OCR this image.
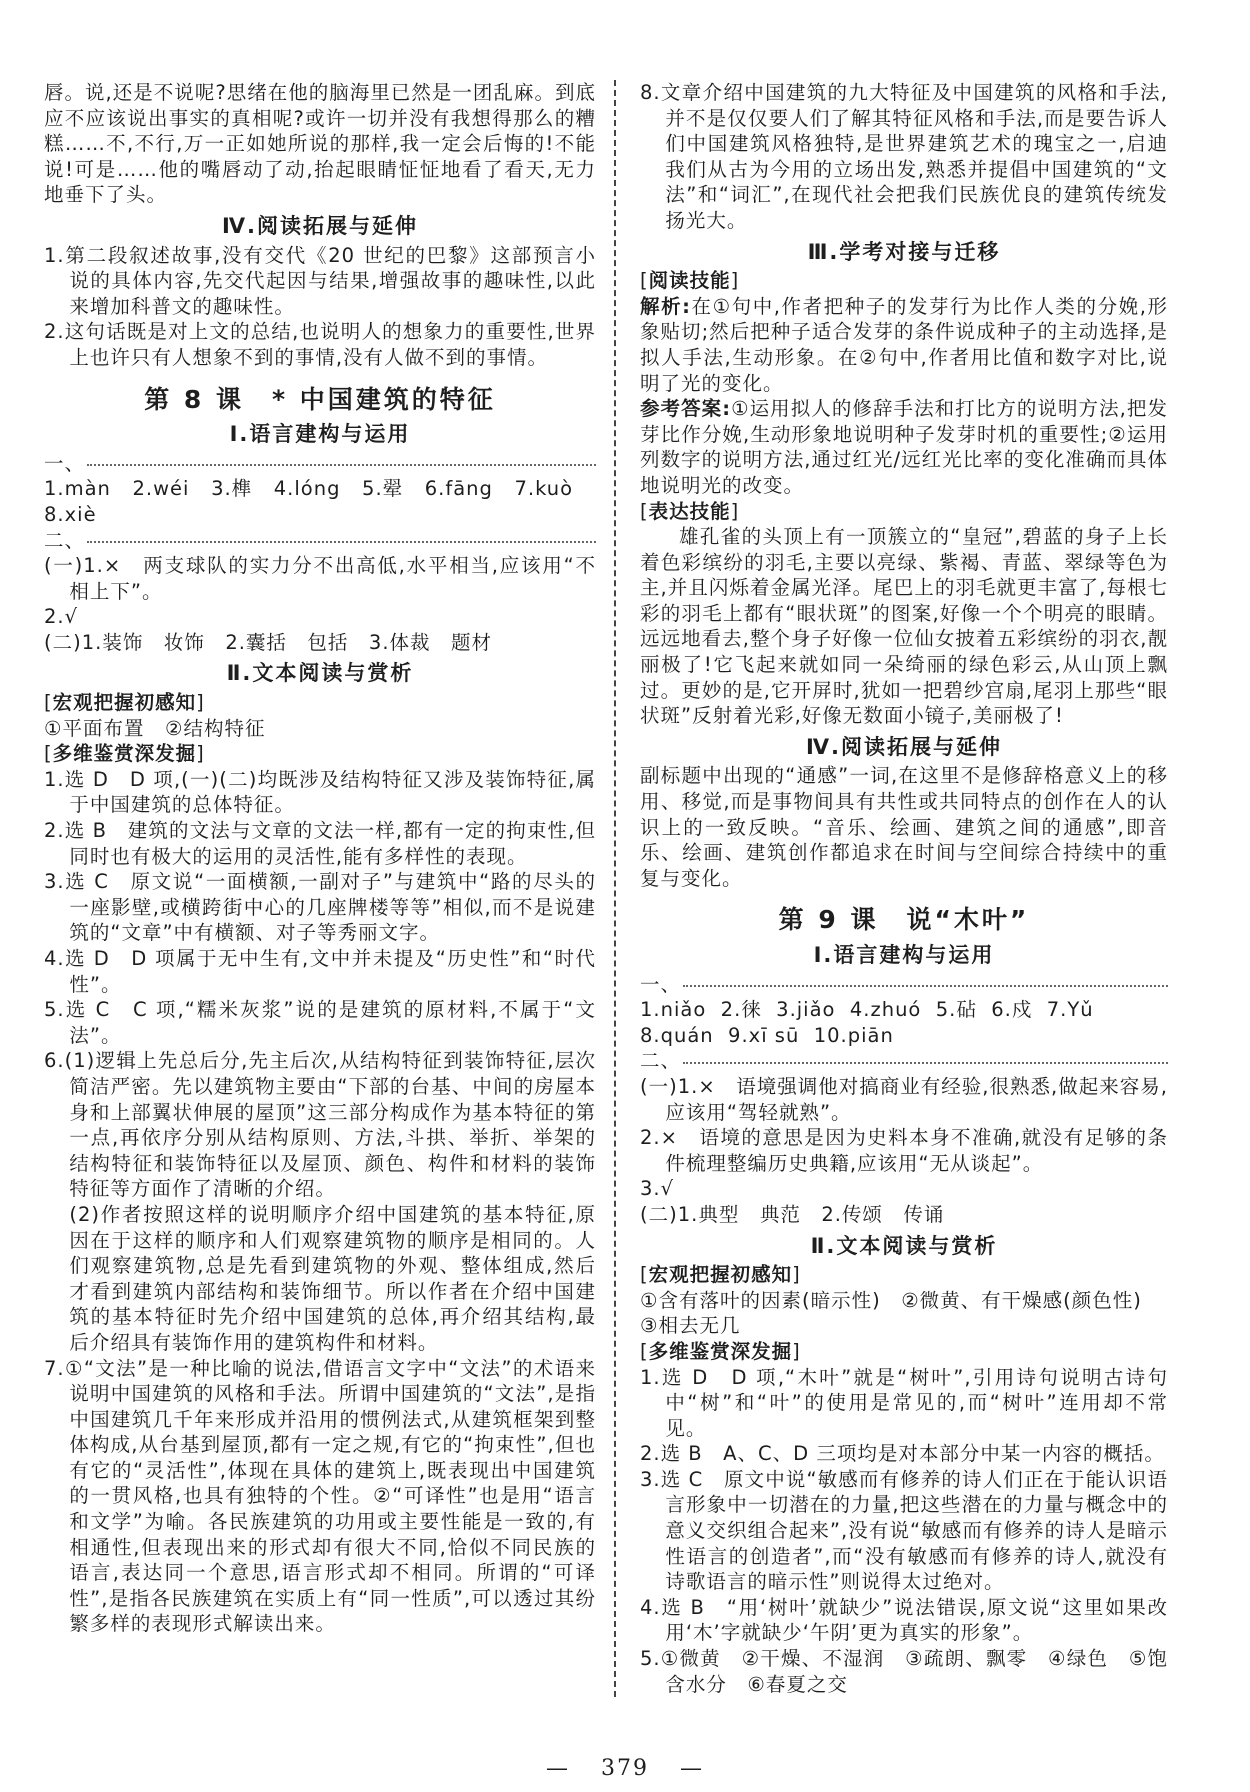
唇。说,还是不说呢?思绪在他的脑海里已然是一团乱麻。到底应不应该说出事实的真相呢?或许一切并没有我想得那么的糟糕……不,不行,万一正如她所说的那样,我一定会后悔的!不能说!可是……他的嘴唇动了动,抬起眼睛怔怔地看了看天,无力地垂下了头。
Ⅳ.阅读拓展与延伸
1.第二段叙述故事,没有交代《20 世纪的巴黎》这部预言小说的具体内容,先交代起因与结果,增强故事的趣味性,以此来增加科普文的趣味性。
2.这句话既是对上文的总结,也说明人的想象力的重要性,世界上也许只有人想象不到的事情,没有人做不到的事情。
第 8 课　* 中国建筑的特征
Ⅰ.语言建构与运用
一、
1.màn   2.wéi   3.榫   4.lóng   5.翚   6.fāng   7.kuò
8.xiè
二、
(一)1.×　两支球队的实力分不出高低,水平相当,应该用“不相上下”。
2.√
(二)1.装饰　妆饰　2.囊括　包括　3.体裁　题材
Ⅱ.文本阅读与赏析
[ 宏观把握初感知 ]
①平面布置　②结构特征
[ 多维鉴赏深发掘 ]
1.选 D　D 项,(一)(二)均既涉及结构特征又涉及装饰特征,属于中国建筑的总体特征。
2.选 B　建筑的文法与文章的文法一样,都有一定的拘束性,但同时也有极大的运用的灵活性,能有多样性的表现。
3.选 C　原文说“一面横额,一副对子”与建筑中“路的尽头的一座影壁,或横跨街中心的几座牌楼等等”相似,而不是说建筑的“文章”中有横额、对子等秀丽文字。
4.选 D　D 项属于无中生有,文中并未提及“历史性”和“时代性”。
5.选 C　C 项,“糯米灰浆”说的是建筑的原材料,不属于“文法”。
6.(1)逻辑上先总后分,先主后次,从结构特征到装饰特征,层次简洁严密。先以建筑物主要由“下部的台基、中间的房屋本身和上部翼状伸展的屋顶”这三部分构成作为基本特征的第一点,再依序分别从结构原则、方法,斗拱、举折、举架的结构特征和装饰特征以及屋顶、颜色、构件和材料的装饰特征等方面作了清晰的介绍。
(2)作者按照这样的说明顺序介绍中国建筑的基本特征,原因在于这样的顺序和人们观察建筑物的顺序是相同的。人们观察建筑物,总是先看到建筑物的外观、整体组成,然后才看到建筑内部结构和装饰细节。所以作者在介绍中国建筑的基本特征时先介绍中国建筑的总体,再介绍其结构,最后介绍具有装饰作用的建筑构件和材料。
7.①“文法”是一种比喻的说法,借语言文字中“文法”的术语来说明中国建筑的风格和手法。所谓中国建筑的“文法”,是指中国建筑几千年来形成并沿用的惯例法式,从建筑框架到整体构成,从台基到屋顶,都有一定之规,有它的“拘束性”,但也有它的“灵活性”,体现在具体的建筑上,既表现出中国建筑的一贯风格,也具有独特的个性。②“可译性”也是用“语言和文学”为喻。各民族建筑的功用或主要性能是一致的,有相通性,但表现出来的形式却有很大不同,恰似不同民族的语言,表达同一个意思,语言形式却不相同。所谓的“可译性”,是指各民族建筑在实质上有“同一性质”,可以透过其纷繁多样的表现形式解读出来。
8.文章介绍中国建筑的九大特征及中国建筑的风格和手法,并不是仅仅要人们了解其特征风格和手法,而是要告诉人们中国建筑风格独特,是世界建筑艺术的瑰宝之一,启迪我们从古为今用的立场出发,熟悉并提倡中国建筑的“文法”和“词汇”,在现代社会把我们民族优良的建筑传统发扬光大。
Ⅲ.学考对接与迁移
[ 阅读技能 ]
解析:在①句中,作者把种子的发芽行为比作人类的分娩,形象贴切;然后把种子适合发芽的条件说成种子的主动选择,是拟人手法,生动形象。在②句中,作者用比值和数字对比,说明了光的变化。
参考答案:①运用拟人的修辞手法和打比方的说明方法,把发芽比作分娩,生动形象地说明种子发芽时机的重要性;②运用列数字的说明方法,通过红光/远红光比率的变化准确而具体地说明光的改变。
[ 表达技能 ]
雄孔雀的头顶上有一顶簇立的“皇冠”,碧蓝的身子上长着色彩缤纷的羽毛,主要以亮绿、紫褐、青蓝、翠绿等色为主,并且闪烁着金属光泽。尾巴上的羽毛就更丰富了,每根七彩的羽毛上都有“眼状斑”的图案,好像一个个明亮的眼睛。远远地看去,整个身子好像一位仙女披着五彩缤纷的羽衣,靓丽极了!它飞起来就如同一朵绮丽的绿色彩云,从山顶上飘过。更妙的是,它开屏时,犹如一把碧纱宫扇,尾羽上那些“眼状斑”反射着光彩,好像无数面小镜子,美丽极了!
Ⅳ.阅读拓展与延伸
副标题中出现的“通感”一词,在这里不是修辞格意义上的移用、移觉,而是事物间具有共性或共同特点的创作在人的认识上的一致反映。“音乐、绘画、建筑之间的通感”,即音乐、绘画、建筑创作都追求在时间与空间综合持续中的重复与变化。
第 9 课　说“木叶”
Ⅰ.语言建构与运用
一、
1.niǎo  2.徕  3.jiǎo  4.zhuó  5.砧  6.戍  7.Yǔ
8.quán  9.xī sū  10.piān
二、
(一)1.×　语境强调他对搞商业有经验,很熟悉,做起来容易,应该用“驾轻就熟”。
2.×　语境的意思是因为史料本身不准确,就没有足够的条件梳理整编历史典籍,应该用“无从谈起”。
3.√
(二)1.典型　典范　2.传颂　传诵
Ⅱ.文本阅读与赏析
[ 宏观把握初感知 ]
①含有落叶的因素(暗示性)　②微黄、有干燥感(颜色性)
③相去无几
[ 多维鉴赏深发掘 ]
1.选 D　D 项,“木叶”就是“树叶”,引用诗句说明古诗句中“树”和“叶”的使用是常见的,而“树叶”连用却不常见。
2.选 B　A、C、D 三项均是对本部分中某一内容的概括。
3.选 C　原文中说“敏感而有修养的诗人们正在于能认识语言形象中一切潜在的力量,把这些潜在的力量与概念中的意义交织组合起来”,没有说“敏感而有修养的诗人是暗示性语言的创造者”,而“没有敏感而有修养的诗人,就没有诗歌语言的暗示性”则说得太过绝对。
4.选 B　“用‘树叶’就缺少”说法错误,原文说“这里如果改用‘木’字就缺少‘午阴’更为真实的形象”。
5.①微黄　②干燥、不湿润　③疏朗、飘零　④绿色　⑤饱含水分　⑥春夏之交
— 379 —
